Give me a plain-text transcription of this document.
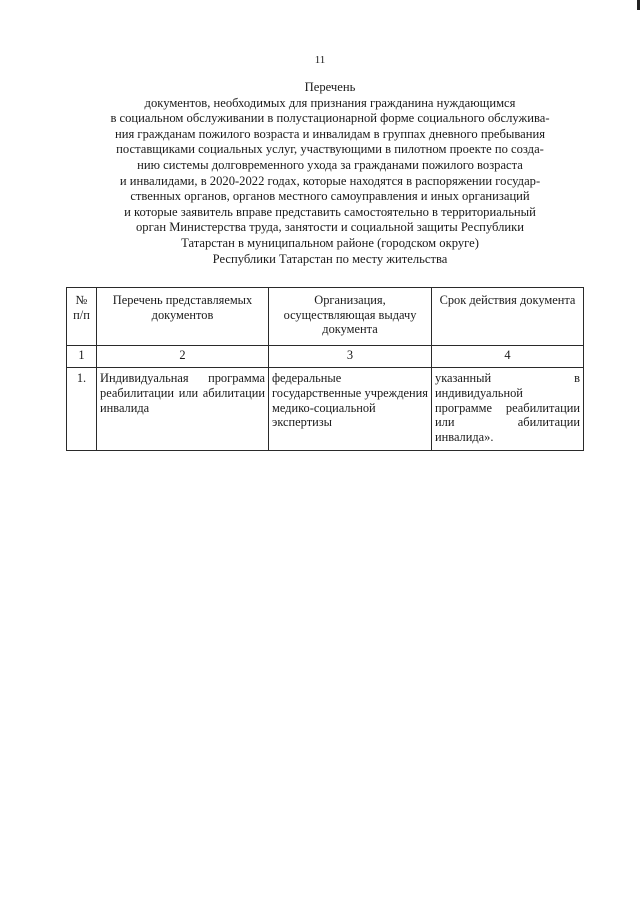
11
Перечень
документов, необходимых для признания гражданина нуждающимся
в социальном обслуживании в полустационарной форме социального обслужива-
ния гражданам пожилого возраста и инвалидам в группах дневного пребывания
поставщиками социальных услуг, участвующими в пилотном проекте по созда-
нию системы долговременного ухода за гражданами пожилого возраста
и инвалидами, в 2020-2022 годах, которые находятся в распоряжении государ-
ственных органов, органов местного самоуправления и иных организаций
и которые заявитель вправе представить самостоятельно в территориальный
орган Министерства труда, занятости и социальной защиты Республики
Татарстан в муниципальном районе (городском округе)
Республики Татарстан по месту жительства
№ п/п	Перечень представляемых документов	Организация, осуществляющая выдачу документа	Срок действия документа
1	2	3	4
1.	Индивидуальная программа реабилитации или абилитации инвалида	федеральные государственные учреждения медико-социальной экспертизы	указанный в индивидуальной программе реабилитации или абилитации инвалида».
